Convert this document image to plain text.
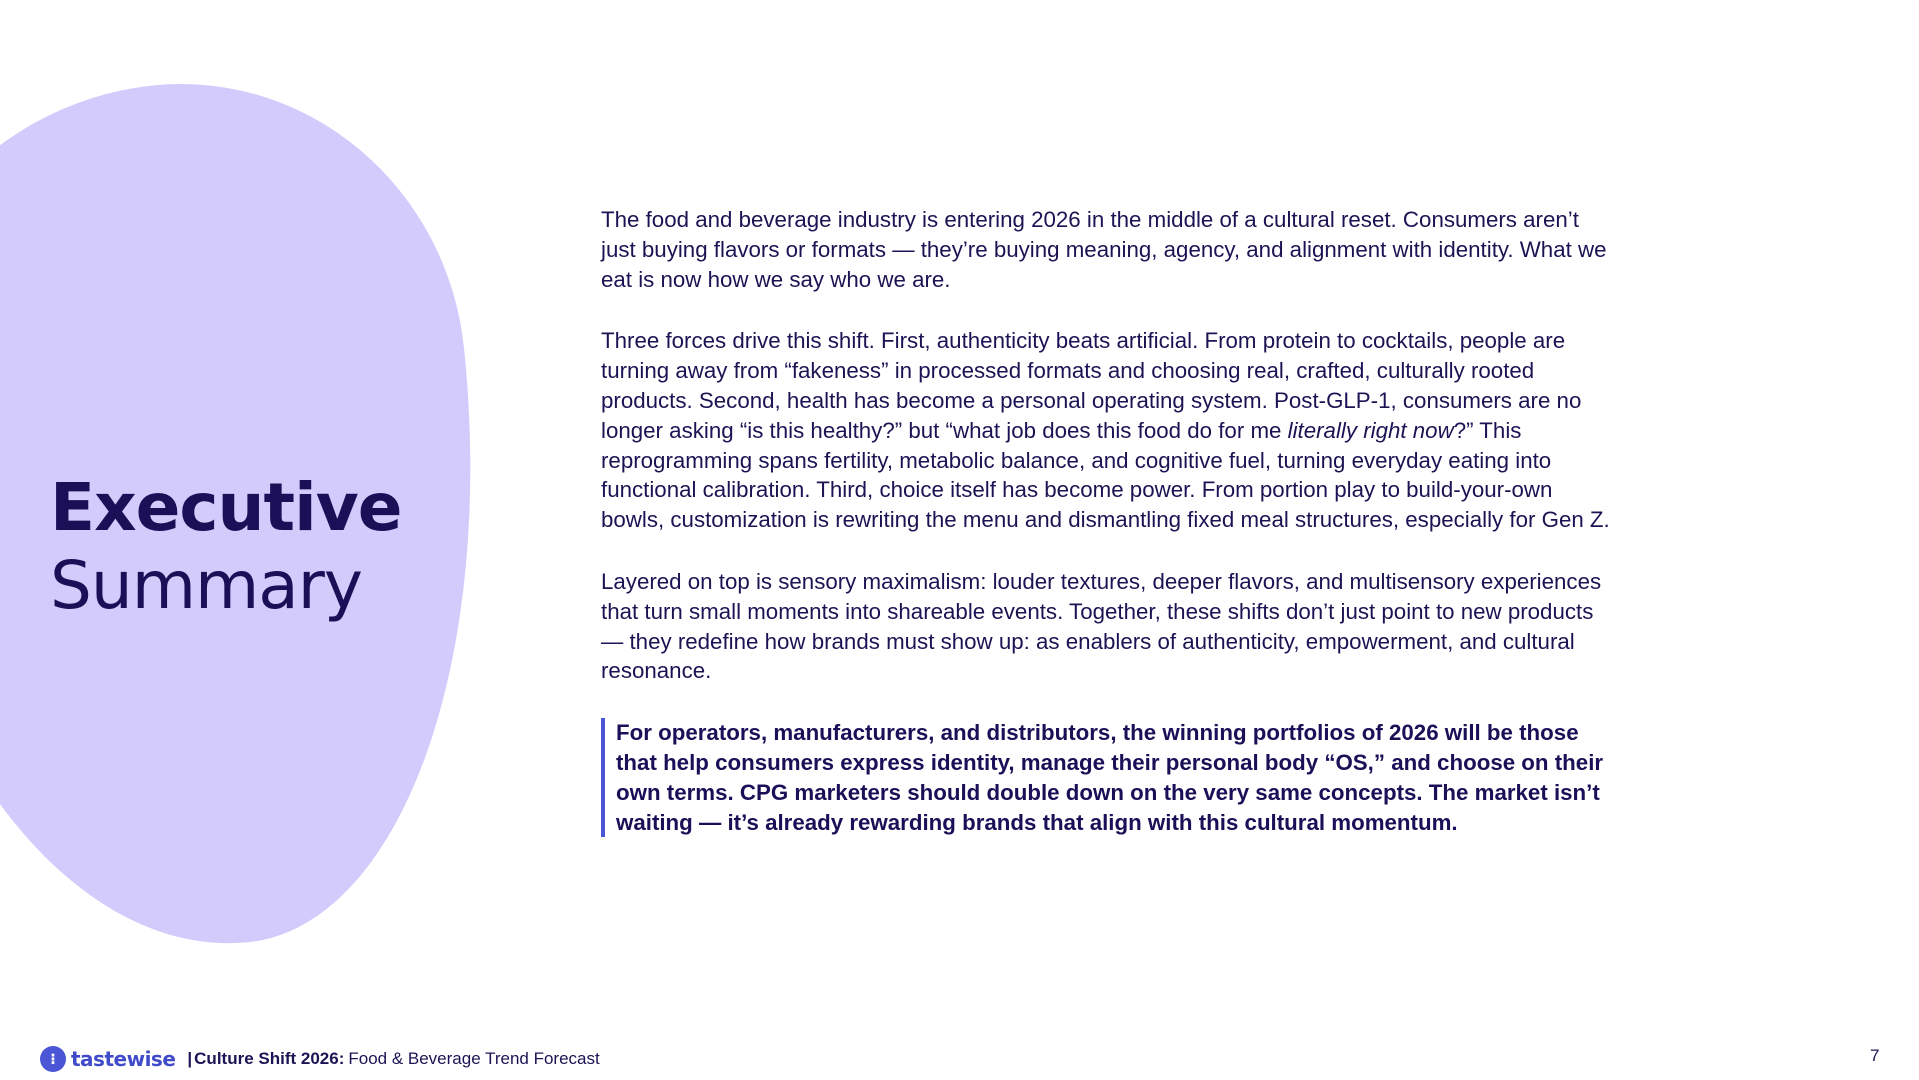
Executive
Summary

The food and beverage industry is entering 2026 in the middle of a cultural reset. Consumers aren’t just buying flavors or formats — they’re buying meaning, agency, and alignment with identity. What we eat is now how we say who we are.

Three forces drive this shift. First, authenticity beats artificial. From protein to cocktails, people are turning away from “fakeness” in processed formats and choosing real, crafted, culturally rooted products. Second, health has become a personal operating system. Post-GLP-1, consumers are no longer asking “is this healthy?” but “what job does this food do for me literally right now?” This reprogramming spans fertility, metabolic balance, and cognitive fuel, turning everyday eating into functional calibration. Third, choice itself has become power. From portion play to build-your-own bowls, customization is rewriting the menu and dismantling fixed meal structures, especially for Gen Z.

Layered on top is sensory maximalism: louder textures, deeper flavors, and multisensory experiences that turn small moments into shareable events. Together, these shifts don’t just point to new products — they redefine how brands must show up: as enablers of authenticity, empowerment, and cultural resonance.

For operators, manufacturers, and distributors, the winning portfolios of 2026 will be those that help consumers express identity, manage their personal body “OS,” and choose on their own terms. CPG marketers should double down on the very same concepts. The market isn’t waiting — it’s already rewarding brands that align with this cultural momentum.
⁝ tastewise | Culture Shift 2026: Food & Beverage Trend Forecast	7
